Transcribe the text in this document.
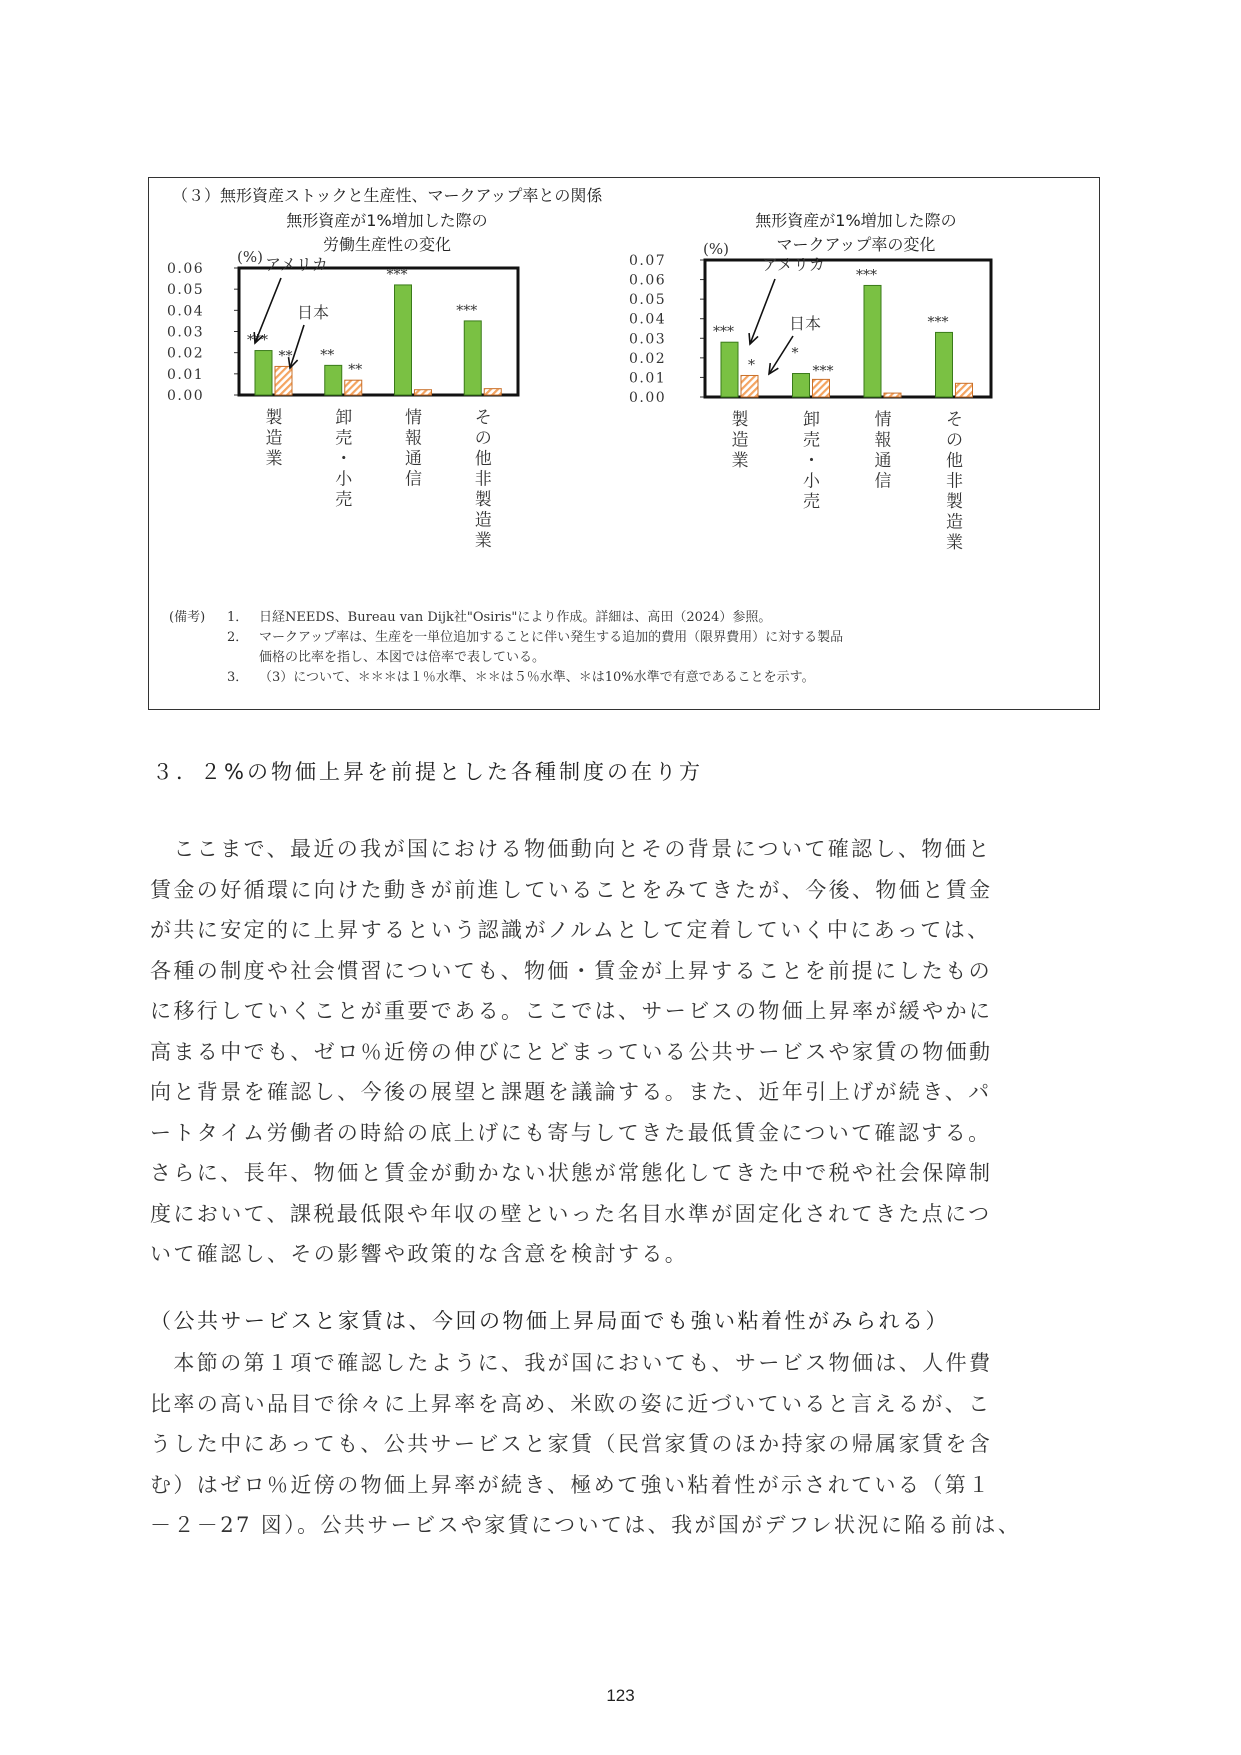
（３）無形資産ストックと生産性、マークアップ率との関係
無形資産が1%増加した際の
労働生産性の変化
無形資産が1%増加した際の
マークアップ率の変化
(%)
0.06
0.05
0.04
0.03
0.02
0.01
0.00
***
**
製
造
業
**
**
卸
売
・
小
売
***
情
報
通
信
***
そ
の
他
非
製
造
業
アメリカ
日本
(%)
0.07
0.06
0.05
0.04
0.03
0.02
0.01
0.00
***
*
製
造
業
*
***
卸
売
・
小
売
***
情
報
通
信
***
そ
の
他
非
製
造
業
アメリカ
日本
(備考)	1． 日経NEEDS、Bureau van Dijk社"Osiris"により作成。詳細は、高田（2024）参照。
2． マークアップ率は、生産を一単位追加することに伴い発生する追加的費用（限界費用）に対する製品
価格の比率を指し、本図では倍率で表している。
3． （3）について、＊＊＊は１％水準、＊＊は５％水準、＊は10%水準で有意であることを示す。
３．２%の物価上昇を前提とした各種制度の在り方
　ここまで、最近の我が国における物価動向とその背景について確認し、物価と
賃金の好循環に向けた動きが前進していることをみてきたが、今後、物価と賃金
が共に安定的に上昇するという認識がノルムとして定着していく中にあっては、
各種の制度や社会慣習についても、物価・賃金が上昇することを前提にしたもの
に移行していくことが重要である。ここでは、サービスの物価上昇率が緩やかに
高まる中でも、ゼロ％近傍の伸びにとどまっている公共サービスや家賃の物価動
向と背景を確認し、今後の展望と課題を議論する。また、近年引上げが続き、パ
ートタイム労働者の時給の底上げにも寄与してきた最低賃金について確認する。
さらに、長年、物価と賃金が動かない状態が常態化してきた中で税や社会保障制
度において、課税最低限や年収の壁といった名目水準が固定化されてきた点につ
いて確認し、その影響や政策的な含意を検討する。
（公共サービスと家賃は、今回の物価上昇局面でも強い粘着性がみられる）
　本節の第１項で確認したように、我が国においても、サービス物価は、人件費
比率の高い品目で徐々に上昇率を高め、米欧の姿に近づいていると言えるが、こ
うした中にあっても、公共サービスと家賃（民営家賃のほか持家の帰属家賃を含
む）はゼロ％近傍の物価上昇率が続き、極めて強い粘着性が示されている（第１
－２－27 図）。公共サービスや家賃については、我が国がデフレ状況に陥る前は、
123
